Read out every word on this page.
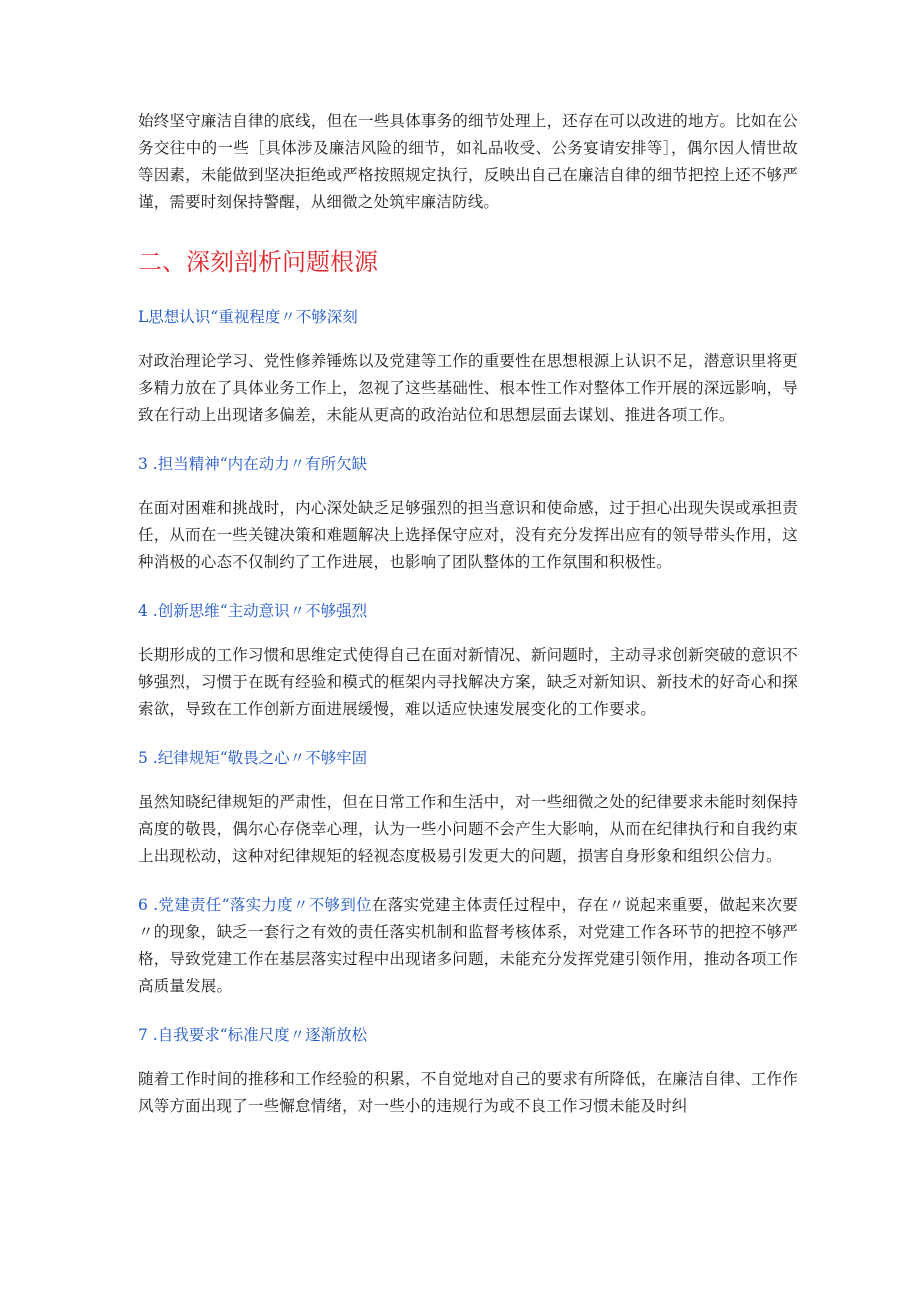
始终坚守廉洁自律的底线，但在一些具体事务的细节处理上，还存在可以改进的地方。比如在公务交往中的一些［具体涉及廉洁风险的细节，如礼品收受、公务宴请安排等］，偶尔因人情世故等因素，未能做到坚决拒绝或严格按照规定执行，反映出自己在廉洁自律的细节把控上还不够严谨，需要时刻保持警醒，从细微之处筑牢廉洁防线。

二、深刻剖析问题根源
L思想认识“重视程度〃不够深刻

对政治理论学习、党性修养锤炼以及党建等工作的重要性在思想根源上认识不足，潜意识里将更多精力放在了具体业务工作上，忽视了这些基础性、根本性工作对整体工作开展的深远影响，导致在行动上出现诸多偏差，未能从更高的政治站位和思想层面去谋划、推进各项工作。

3 .担当精神“内在动力〃有所欠缺

在面对困难和挑战时，内心深处缺乏足够强烈的担当意识和使命感，过于担心出现失误或承担责任，从而在一些关键决策和难题解决上选择保守应对，没有充分发挥出应有的领导带头作用，这种消极的心态不仅制约了工作进展，也影响了团队整体的工作氛围和积极性。

4 .创新思维“主动意识〃不够强烈

长期形成的工作习惯和思维定式使得自己在面对新情况、新问题时，主动寻求创新突破的意识不够强烈，习惯于在既有经验和模式的框架内寻找解决方案，缺乏对新知识、新技术的好奇心和探索欲，导致在工作创新方面进展缓慢，难以适应快速发展变化的工作要求。

5 .纪律规矩“敬畏之心〃不够牢固

虽然知晓纪律规矩的严肃性，但在日常工作和生活中，对一些细微之处的纪律要求未能时刻保持高度的敬畏，偶尔心存侥幸心理，认为一些小问题不会产生大影响，从而在纪律执行和自我约束上出现松动，这种对纪律规矩的轻视态度极易引发更大的问题，损害自身形象和组织公信力。

6 .党建责任“落实力度〃不够到位在落实党建主体责任过程中，存在〃说起来重要，做起来次要〃的现象，缺乏一套行之有效的责任落实机制和监督考核体系，对党建工作各环节的把控不够严格，导致党建工作在基层落实过程中出现诸多问题，未能充分发挥党建引领作用，推动各项工作高质量发展。

7 .自我要求“标准尺度〃逐渐放松

随着工作时间的推移和工作经验的积累，不自觉地对自己的要求有所降低，在廉洁自律、工作作风等方面出现了一些懈怠情绪，对一些小的违规行为或不良工作习惯未能及时纠
